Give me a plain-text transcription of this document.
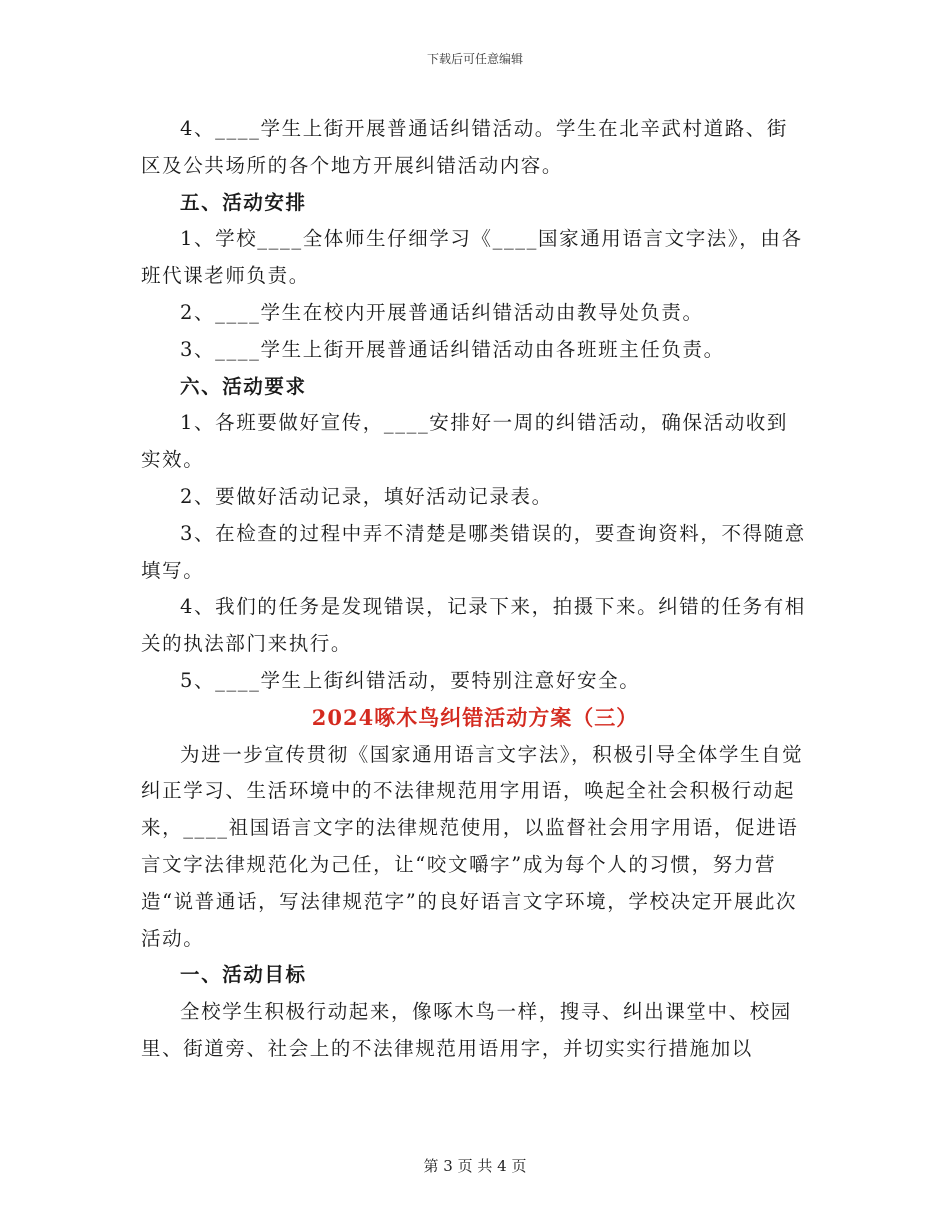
下载后可任意编辑

4、____学生上街开展普通话纠错活动。学生在北辛武村道路、街区及公共场所的各个地方开展纠错活动内容。

五、活动安排

1、学校____全体师生仔细学习《____国家通用语言文字法》，由各班代课老师负责。

2、____学生在校内开展普通话纠错活动由教导处负责。

3、____学生上街开展普通话纠错活动由各班班主任负责。

六、活动要求

1、各班要做好宣传，____安排好一周的纠错活动，确保活动收到实效。

2、要做好活动记录，填好活动记录表。

3、在检查的过程中弄不清楚是哪类错误的，要查询资料，不得随意填写。

4、我们的任务是发现错误，记录下来，拍摄下来。纠错的任务有相关的执法部门来执行。

5、____学生上街纠错活动，要特别注意好安全。

2024啄木鸟纠错活动方案（三）

为进一步宣传贯彻《国家通用语言文字法》，积极引导全体学生自觉纠正学习、生活环境中的不法律规范用字用语，唤起全社会积极行动起来，____祖国语言文字的法律规范使用，以监督社会用字用语，促进语言文字法律规范化为己任，让“咬文嚼字”成为每个人的习惯，努力营造“说普通话，写法律规范字”的良好语言文字环境，学校决定开展此次活动。

一、活动目标

全校学生积极行动起来，像啄木鸟一样，搜寻、纠出课堂中、校园里、街道旁、社会上的不法律规范用语用字，并切实实行措施加以

第 3 页 共 4 页
